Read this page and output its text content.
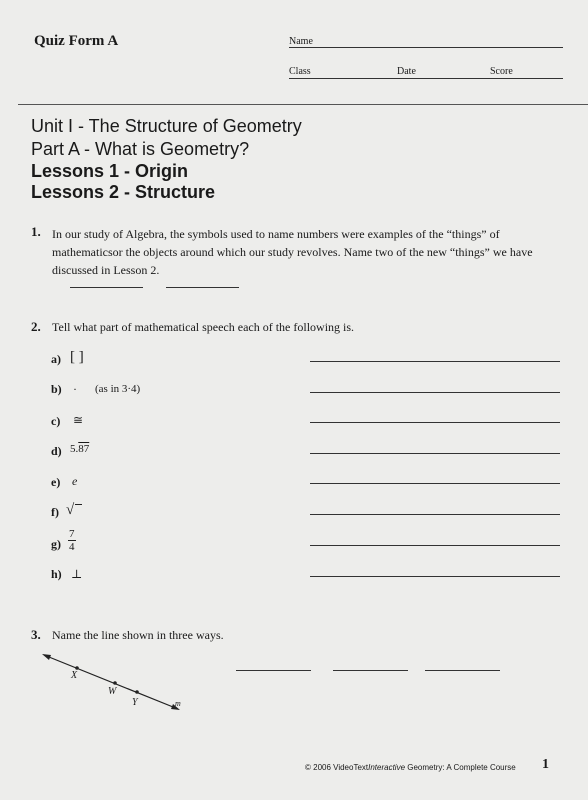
Quiz Form A	Name
Class	Date	Score
Unit I - The Structure of Geometry
Part A - What is Geometry?
Lessons 1 - Origin
Lessons 2 - Structure
1. In our study of Algebra, the symbols used to name numbers were examples of the “things” of mathematicsor the objects around which our study revolves. Name two of the new “things” we have discussed in Lesson 2.
2. Tell what part of mathematical speech each of the following is.
a) [ ]
b) · (as in 3·4)
c) ≅
d) 5.87
e) e
f) √
$g) \frac{7}{4}$
h) ⊥
3. Name the line shown in three ways.
X
W
Y	m
© 2006 VideoTextInteractive Geometry: A Complete Course 1
